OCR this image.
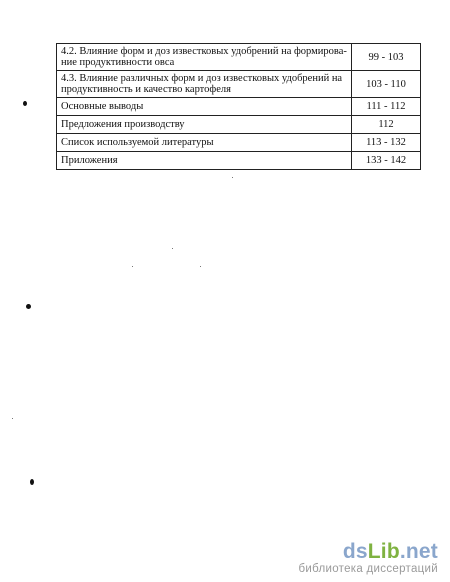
4.2. Влияние форм и доз известковых удобрений на формирова-
ние продуктивности овса	99 - 103

4.3. Влияние различных форм и доз известковых удобрений на
продуктивность и качество картофеля	103 - 110
Основные выводы	111 - 112
Предложения производству	112
Список используемой литературы	113 - 132
Приложения	133 - 142
dsLib.net
библиотека диссертаций
